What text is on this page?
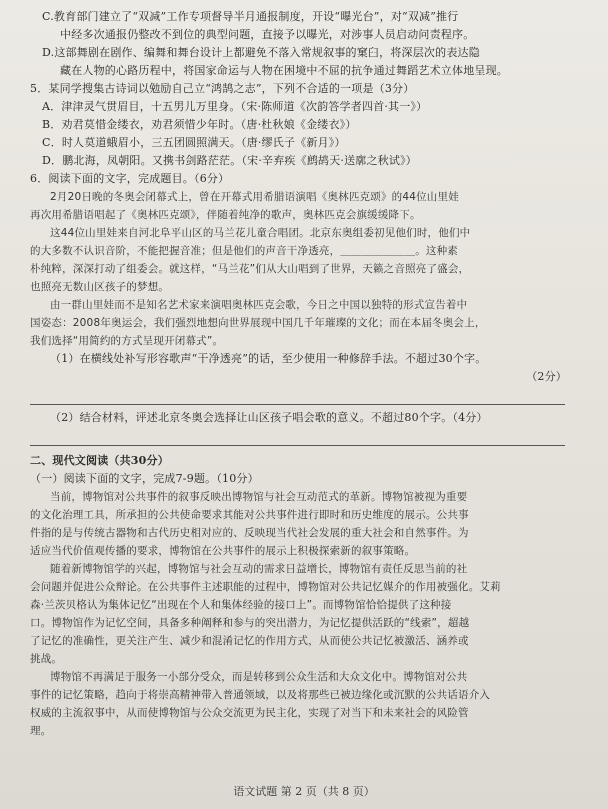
C.教育部门建立了“双减”工作专项督导半月通报制度，开设“曝光台”，对“双减”推行
中经多次通报仍整改不到位的典型问题，直接予以曝光，对涉事人员启动问责程序。
D.这部舞剧在剧作、编舞和舞台设计上都避免不落入常规叙事的窠臼，将深层次的表达隐
藏在人物的心路历程中，将国家命运与人物在困境中不屈的抗争通过舞蹈艺术立体地呈现。
5．某同学搜集古诗词以勉励自己立“鸿鹄之志”，下列不合适的一项是（3分）
A．津津灵气贯眉目，十五男儿万里身。（宋·陈师道《次韵答学者四首·其一》）
B．劝君莫惜金缕衣，劝君须惜少年时。（唐·杜秋娘《金缕衣》）
C．时人莫道蛾眉小，三五团圆照满天。（唐·缪氏子《新月》）
D．鹏北海，凤朝阳。又携书剑路茫茫。（宋·辛弃疾《鹧鸪天·送廓之秋试》）
6．阅读下面的文字，完成题目。（6分）
2月20日晚的冬奥会闭幕式上，曾在开幕式用希腊语演唱《奥林匹克颂》的44位山里娃
再次用希腊语唱起了《奥林匹克颂》，伴随着纯净的歌声，奥林匹克会旗缓缓降下。
这44位山里娃来自河北阜平山区的马兰花儿童合唱团。北京东奥组委初见他们时，他们中
的大多数不认识音阶，不能把握音准；但是他们的声音干净透亮，＿＿＿＿＿＿＿。这种素
朴纯粹，深深打动了组委会。就这样，“马兰花”们从大山唱到了世界，天籁之音照亮了盛会，
也照亮无数山区孩子的梦想。
由一群山里娃而不是知名艺术家来演唱奥林匹克会歌，今日之中国以独特的形式宣告着中
国姿态：2008年奥运会，我们强烈地想向世界展现中国几千年璀璨的文化；而在本届冬奥会上，
我们选择“用简约的方式呈现开闭幕式”。
（1）在横线处补写形容歌声“干净透亮”的话，至少使用一种修辞手法。不超过30个字。
（2分）
（2）结合材料，评述北京冬奥会选择让山区孩子唱会歌的意义。不超过80个字。（4分）
二、现代文阅读（共30分）
（一）阅读下面的文字，完成7-9题。（10分）
当前，博物馆对公共事件的叙事反映出博物馆与社会互动范式的革新。博物馆被视为重要
的文化治理工具，所承担的公共使命要求其能对公共事件进行即时和历史维度的展示。公共事
件指的是与传统古器物和古代历史相对应的、反映现当代社会发展的重大社会和自然事件。为
适应当代价值观传播的要求，博物馆在公共事件的展示上积极探索新的叙事策略。
随着新博物馆学的兴起，博物馆与社会互动的需求日益增长，博物馆有责任反思当前的社
会问题并促进公众辩论。在公共事件主述职能的过程中，博物馆对公共记忆媒介的作用被强化。艾莉
森·兰茨贝格认为集体记忆“出现在个人和集体经验的接口上”。而博物馆恰恰提供了这种接
口。博物馆作为记忆空间，具备多种阐释和参与的突出潜力，为记忆提供活跃的“线索”，超越
了记忆的准确性，更关注产生、减少和混淆记忆的作用方式，从而使公共记忆被激活、涵养或
挑战。
博物馆不再满足于服务一小部分受众，而是转移到公众生活和大众文化中。博物馆对公共
事件的记忆策略，趋向于将崇高精神带入普通领域，以及将那些已被边缘化或沉默的公共话语介入
权威的主流叙事中，从而使博物馆与公众交流更为民主化，实现了对当下和未来社会的风险管
理。
语文试题 第 2 页（共 8 页）
